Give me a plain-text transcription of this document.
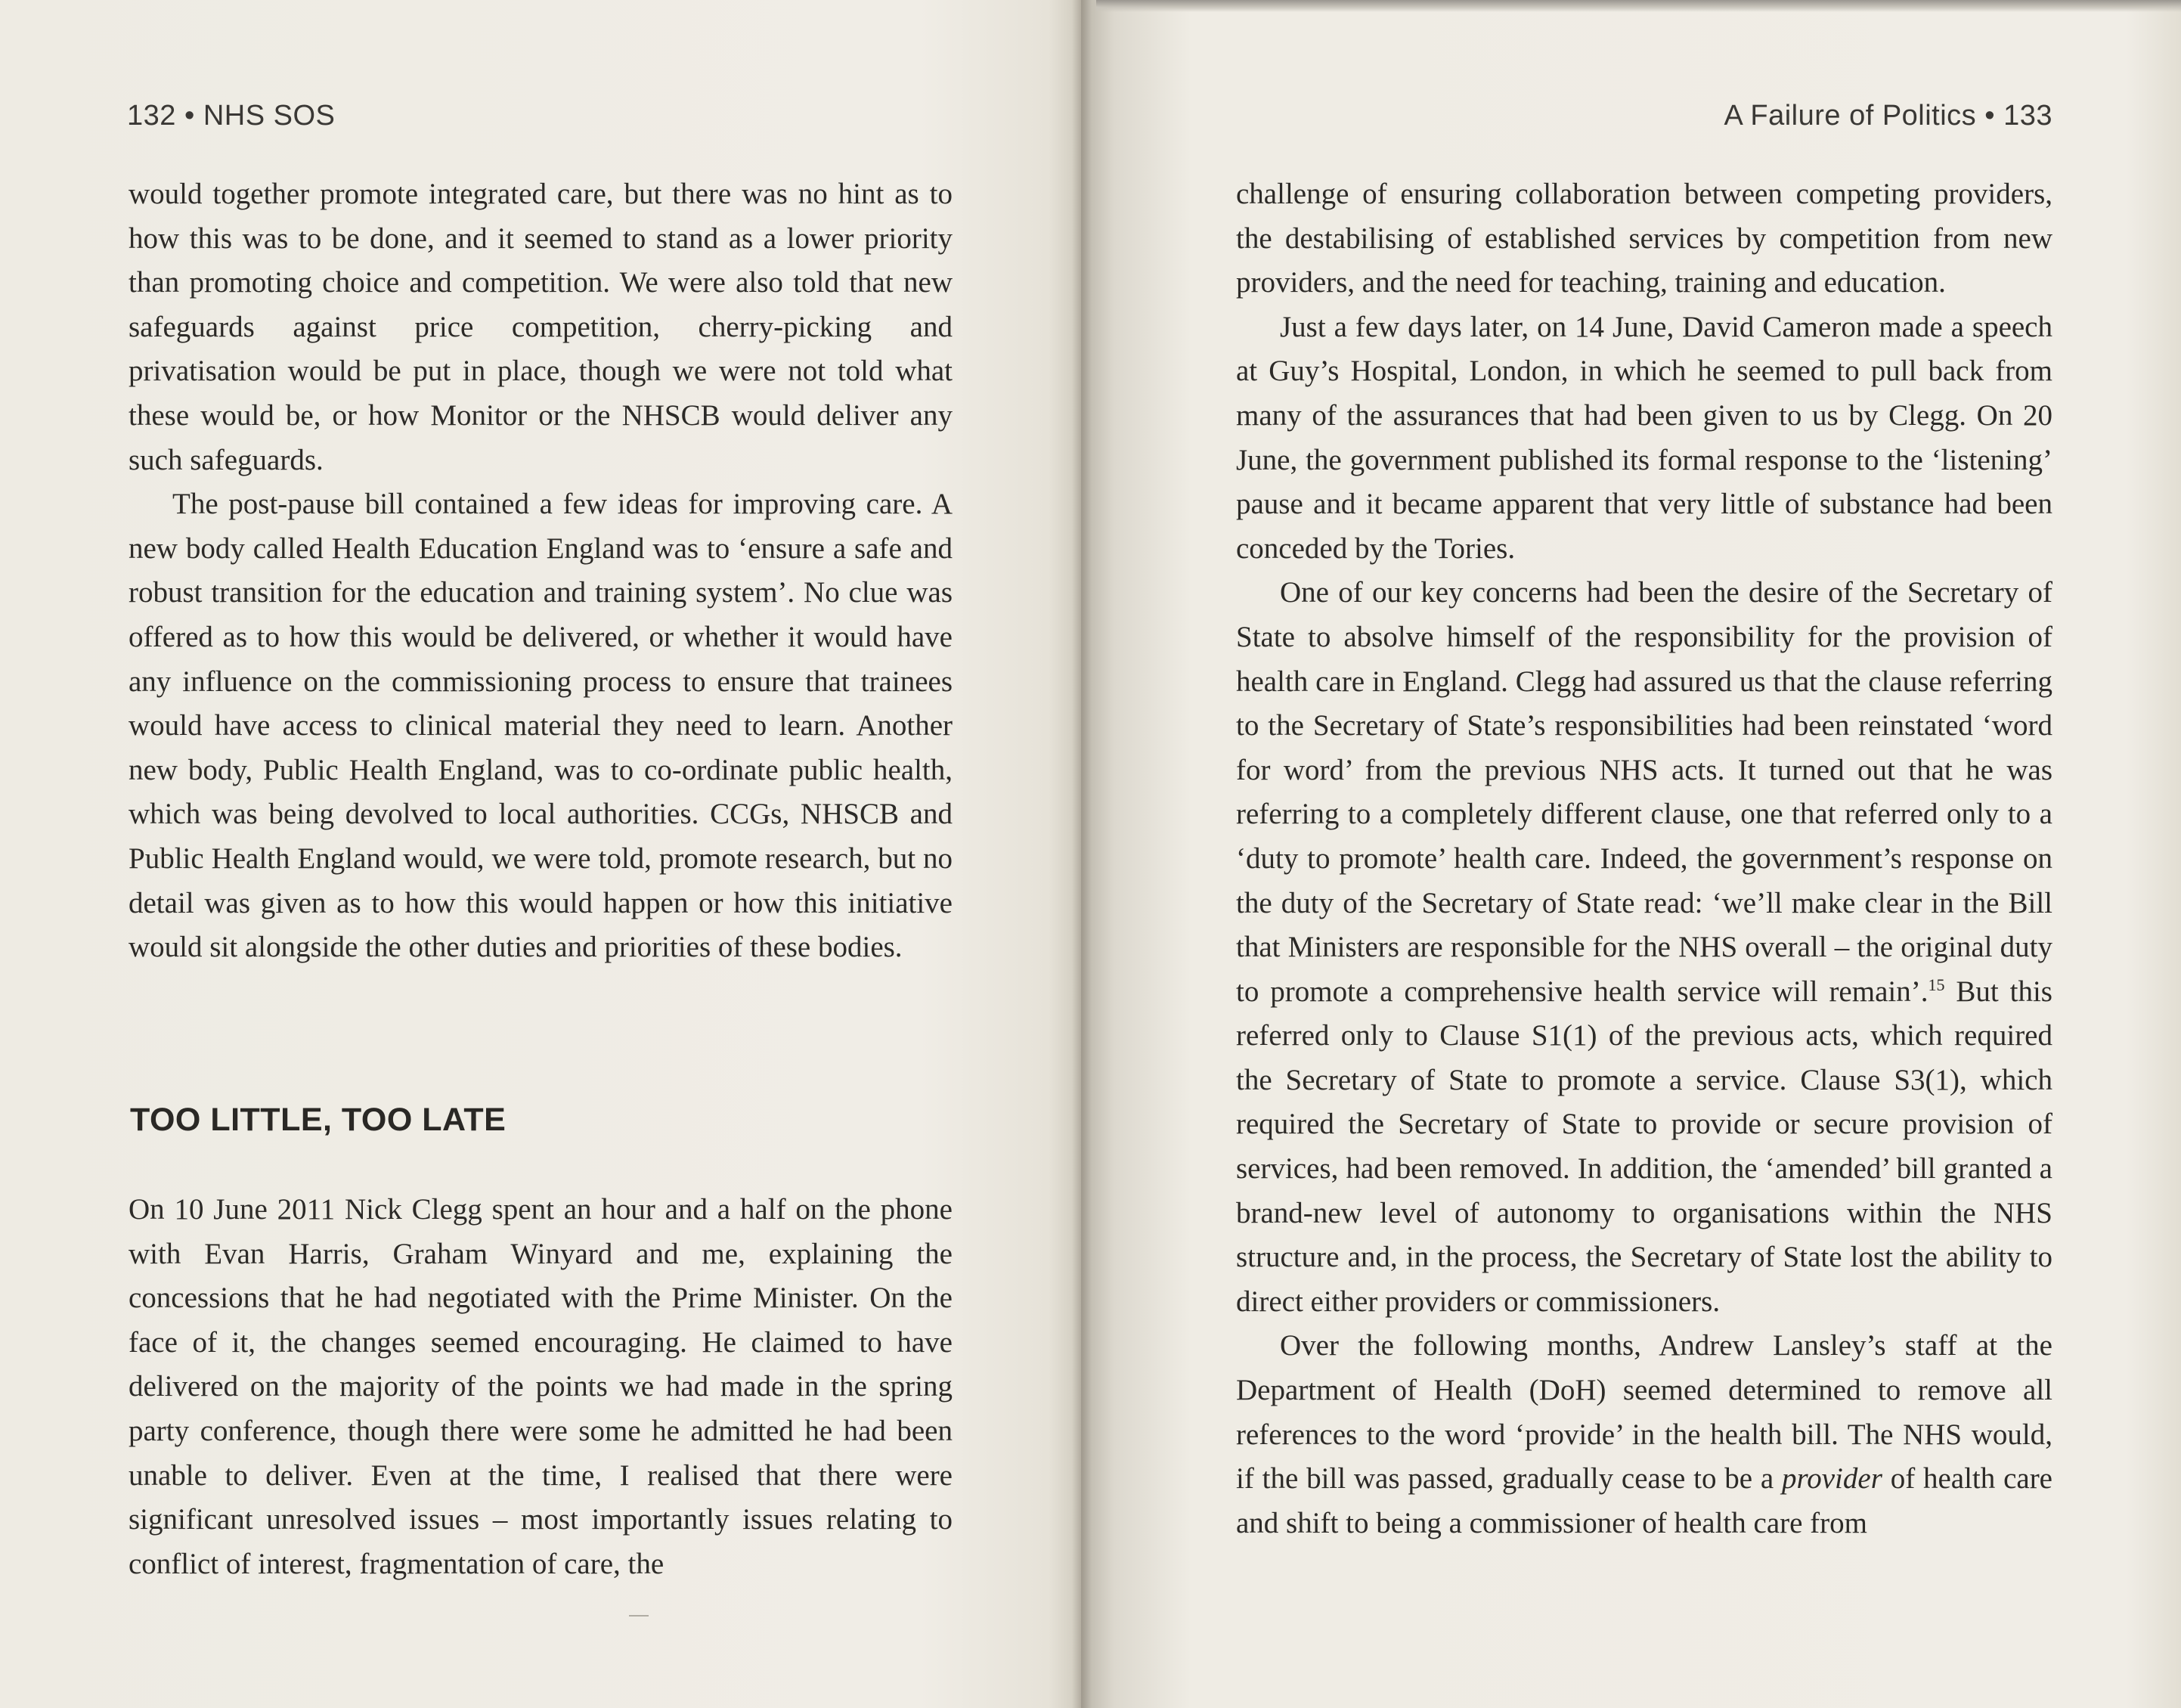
132 • NHS SOS

would together promote integrated care, but there was no hint as to how this was to be done, and it seemed to stand as a lower priority than promoting choice and competition. We were also told that new safeguards against price competition, cherry-picking and privatisation would be put in place, though we were not told what these would be, or how Monitor or the NHSCB would deliver any such safeguards.

The post-pause bill contained a few ideas for improving care. A new body called Health Education England was to ‘ensure a safe and robust transition for the education and training system’. No clue was offered as to how this would be delivered, or whether it would have any influence on the commissioning process to ensure that trainees would have access to clinical material they need to learn. Another new body, Public Health England, was to co-ordinate public health, which was being devolved to local authorities. CCGs, NHSCB and Public Health England would, we were told, promote research, but no detail was given as to how this would happen or how this initiative would sit alongside the other duties and priorities of these bodies.

TOO LITTLE, TOO LATE

On 10 June 2011 Nick Clegg spent an hour and a half on the phone with Evan Harris, Graham Winyard and me, explaining the concessions that he had negotiated with the Prime Minister. On the face of it, the changes seemed encouraging. He claimed to have delivered on the majority of the points we had made in the spring party conference, though there were some he admitted he had been unable to deliver. Even at the time, I realised that there were significant unresolved issues – most importantly issues relating to conflict of interest, fragmentation of care, the

A Failure of Politics • 133

challenge of ensuring collaboration between competing providers, the destabilising of established services by competition from new providers, and the need for teaching, training and education.

Just a few days later, on 14 June, David Cameron made a speech at Guy’s Hospital, London, in which he seemed to pull back from many of the assurances that had been given to us by Clegg. On 20 June, the government published its formal response to the ‘listening’ pause and it became apparent that very little of substance had been conceded by the Tories.

One of our key concerns had been the desire of the Secretary of State to absolve himself of the responsibility for the provision of health care in England. Clegg had assured us that the clause referring to the Secretary of State’s responsibilities had been reinstated ‘word for word’ from the previous NHS acts. It turned out that he was referring to a completely different clause, one that referred only to a ‘duty to promote’ health care. Indeed, the government’s response on the duty of the Secretary of State read: ‘we’ll make clear in the Bill that Ministers are responsible for the NHS overall – the original duty to promote a comprehensive health service will remain’.$^{15}$ But this referred only to Clause S1(1) of the previous acts, which required the Secretary of State to promote a service. Clause S3(1), which required the Secretary of State to provide or secure provision of services, had been removed. In addition, the ‘amended’ bill granted a brand-new level of autonomy to organisations within the NHS structure and, in the process, the Secretary of State lost the ability to direct either providers or commissioners.

Over the following months, Andrew Lansley’s staff at the Department of Health (DoH) seemed determined to remove all references to the word ‘provide’ in the health bill. The NHS would, if the bill was passed, gradually cease to be a provider of health care and shift to being a commissioner of health care from
